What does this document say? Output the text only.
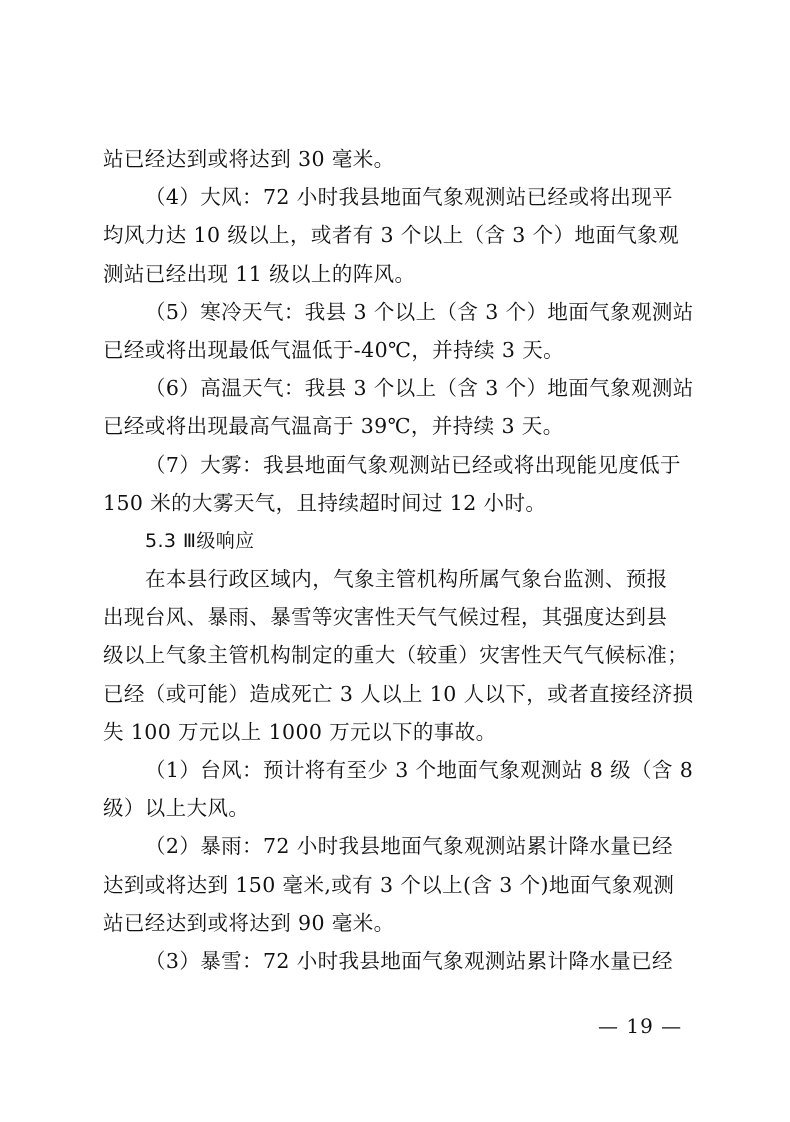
站已经达到或将达到 30 毫米。
（4）大风：72 小时我县地面气象观测站已经或将出现平
均风力达 10 级以上，或者有 3 个以上（含 3 个）地面气象观
测站已经出现 11 级以上的阵风。
（5）寒冷天气：我县 3 个以上（含 3 个）地面气象观测站
已经或将出现最低气温低于-40℃，并持续 3 天。
（6）高温天气：我县 3 个以上（含 3 个）地面气象观测站
已经或将出现最高气温高于 39℃，并持续 3 天。
（7）大雾：我县地面气象观测站已经或将出现能见度低于
150 米的大雾天气，且持续超时间过 12 小时。
5.3 Ⅲ级响应
在本县行政区域内，气象主管机构所属气象台监测、预报
出现台风、暴雨、暴雪等灾害性天气气候过程，其强度达到县
级以上气象主管机构制定的重大（较重）灾害性天气气候标准；
已经（或可能）造成死亡 3 人以上 10 人以下，或者直接经济损
失 100 万元以上 1000 万元以下的事故。
（1）台风：预计将有至少 3 个地面气象观测站 8 级（含 8
级）以上大风。
（2）暴雨：72 小时我县地面气象观测站累计降水量已经
达到或将达到 150 毫米,或有 3 个以上(含 3 个)地面气象观测
站已经达到或将达到 90 毫米。
（3）暴雪：72 小时我县地面气象观测站累计降水量已经
— 19 —
